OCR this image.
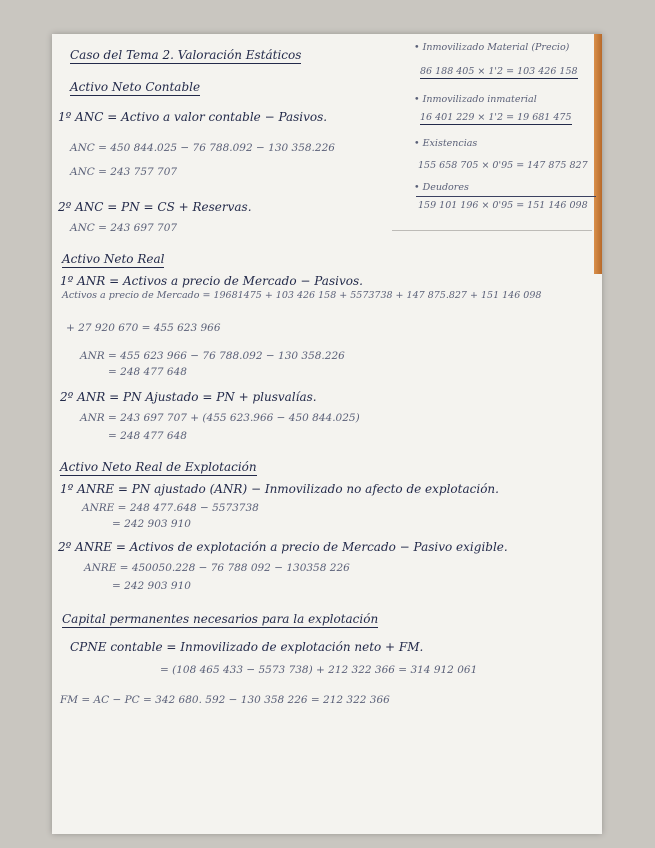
Caso del Tema 2. Valoración Estáticos
• Inmovilizado Material (Precio)
86 188 405 × 1'2 = 103 426 158
• Inmovilizado inmaterial
16 401 229 × 1'2 = 19 681 475
• Existencias
155 658 705 × 0'95 = 147 875 827
• Deudores
159 101 196 × 0'95 = 151 146 098
Activo Neto Contable
1º ANC = Activo a valor contable − Pasivos.
ANC = 450 844.025 − 76 788.092 − 130 358.226
ANC = 243 757 707
2º ANC = PN = CS + Reservas.
ANC = 243 697 707
Activo Neto Real
1º ANR = Activos a precio de Mercado − Pasivos.
Activos a precio de Mercado = 19681475 + 103 426 158 + 5573738 + 147 875.827 + 151 146 098
+ 27 920 670 = 455 623 966
ANR = 455 623 966 − 76 788.092 − 130 358.226
= 248 477 648
2º ANR = PN Ajustado = PN + plusvalías.
ANR = 243 697 707 + (455 623.966 − 450 844.025)
= 248 477 648
Activo Neto Real de Explotación
1º ANRE = PN ajustado (ANR) − Inmovilizado no afecto de explotación.
ANRE = 248 477.648 − 5573738
= 242 903 910
2º ANRE = Activos de explotación a precio de Mercado − Pasivo exigible.
ANRE = 450050.228 − 76 788 092 − 130358 226
= 242 903 910
Capital permanentes necesarios para la explotación
CPNE contable = Inmovilizado de explotación neto + FM.
= (108 465 433 − 5573 738) + 212 322 366 = 314 912 061
FM = AC − PC = 342 680. 592 − 130 358 226 = 212 322 366
